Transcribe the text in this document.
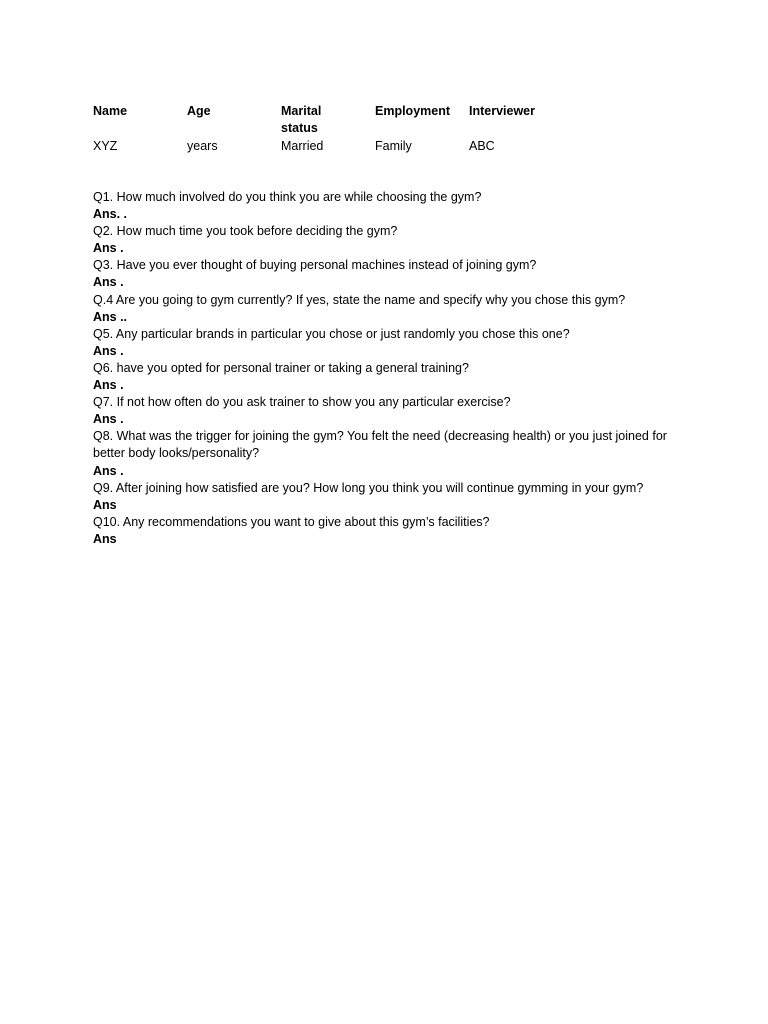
Name	Age	Marital status	Employment	Interviewer
XYZ	years	Married	Family	ABC

Q1. How much involved do you think you are while choosing the gym?

Ans. .

Q2. How much time you took before deciding the gym?

Ans .

Q3. Have you ever thought of buying personal machines instead of joining gym?

Ans .

Q.4 Are you going to gym currently? If yes, state the name and specify why you chose this gym?

Ans ..

Q5. Any particular brands in particular you chose or just randomly you chose this one?

Ans .

Q6. have you opted for personal trainer or taking a general training?

Ans .

Q7. If not how often do you ask trainer to show you any particular exercise?

Ans .

Q8. What was the trigger for joining the gym? You felt the need (decreasing health) or you just joined for better body looks/personality?

Ans .

Q9. After joining how satisfied are you? How long you think you will continue gymming in your gym?

Ans

Q10. Any recommendations you want to give about this gym’s facilities?

Ans
